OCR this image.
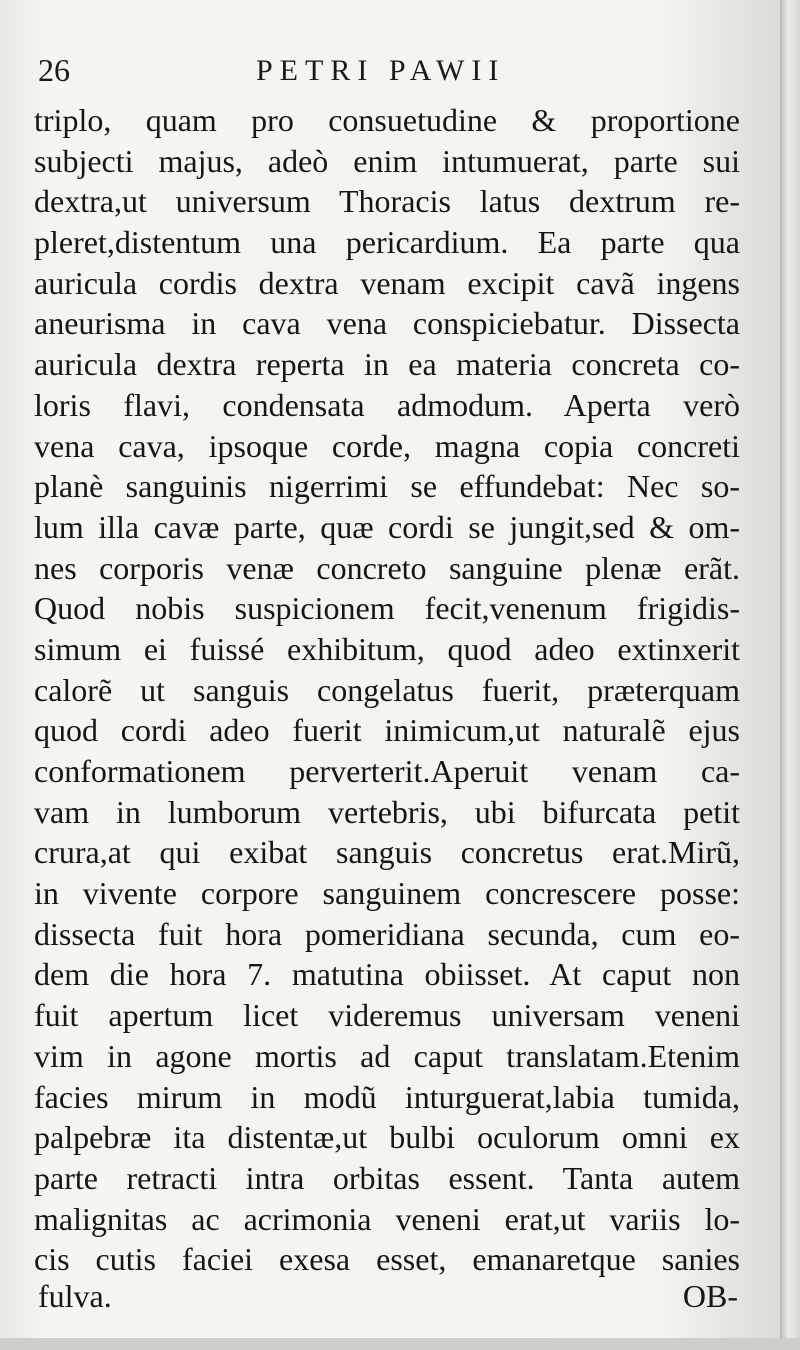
26	PETRI PAWII
triplo, quam pro consuetudine & proportione
subjecti majus, adeò enim intumuerat, parte sui
dextra,ut universum Thoracis latus dextrum re-
pleret,distentum una pericardium. Ea parte qua
auricula cordis dextra venam excipit cavã ingens
aneurisma in cava vena conspiciebatur. Dissecta
auricula dextra reperta in ea materia concreta co-
loris flavi, condensata admodum. Aperta verò
vena cava, ipsoque corde, magna copia concreti
planè sanguinis nigerrimi se effundebat: Nec so-
lum illa cavæ parte, quæ cordi se jungit,sed & om-
nes corporis venæ concreto sanguine plenæ erãt.
Quod nobis suspicionem fecit,venenum frigidis-
simum ei fuissé exhibitum, quod adeo extinxerit
calorẽ ut sanguis congelatus fuerit, præterquam
quod cordi adeo fuerit inimicum,ut naturalẽ ejus
conformationem perverterit.Aperuit venam ca-
vam in lumborum vertebris, ubi bifurcata petit
crura,at qui exibat sanguis concretus erat.Mirũ,
in vivente corpore sanguinem concrescere posse:
dissecta fuit hora pomeridiana secunda, cum eo-
dem die hora 7. matutina obiisset. At caput non
fuit apertum licet videremus universam veneni
vim in agone mortis ad caput translatam.Etenim
facies mirum in modũ inturguerat,labia tumida,
palpebræ ita distentæ,ut bulbi oculorum omni ex
parte retracti intra orbitas essent. Tanta autem
malignitas ac acrimonia veneni erat,ut variis lo-
cis cutis faciei exesa esset, emanaretque sanies
fulva.	OB-
